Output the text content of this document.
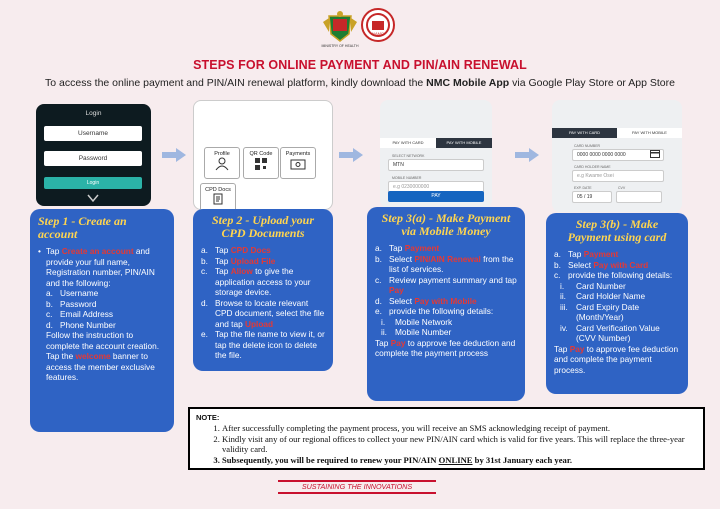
MINISTRY OF HEALTH
NAMC
STEPS FOR ONLINE PAYMENT AND PIN/AIN RENEWAL
To access the online payment and PIN/AIN renewal platform, kindly download the NMC Mobile App via Google Play Store or App Store
Login
Username
Password
Login
Profile	QR Code	Payments

CPD Docs

PAY WITH CARD	PAY WITH MOBILE
SELECT NETWORK
MTN
MOBILE NUMBER
e.g 0230000000
PAY
PAY WITH CARD	PAY WITH MOBILE
CARD NUMBER
0000 0000 0000 0000
CARD HOLDER NAME
e.g Kwame Osei
EXP. DATE
05 / 19
CVV
Step 1 - Create an account
• Tap Create an account and
provide your full name, Registration number, PIN/AIN and the following:
a. Username
b. Password
c. Email Address
d. Phone Number
Follow the instruction to complete the account creation.
Tap the welcome banner to access the member exclusive features.
Step 2 - Upload your CPD Documents
a. Tap CPD Docs
b. Tap Upload File
c. Tap Allow to give the application access to your storage device.
d. Browse to locate relevant CPD document, select the file and tap Upload
e. Tap the file name to view it, or tap the delete icon to delete the file.
Step 3(a) - Make Payment via Mobile Money
a. Tap Payment
b. Select PIN/AIN Renewal from the list of services.
c. Review payment summary and tap Pay
d. Select Pay with Mobile
e. provide the following details:
i.	Mobile Network
ii. Mobile Number
Tap Pay to approve fee deduction and complete the payment process
Step 3(b) - Make Payment using card
a. Tap Payment
b. Select Pay with Card
c. provide the following details:
i.	Card Number
ii.	Card Holder Name
iii. Card Expiry Date (Month/Year)
iv.	Card Verification Value (CVV Number)
Tap Pay to approve fee deduction and complete the payment process.
NOTE:
1. After successfully completing the payment process, you will receive an SMS acknowledging receipt of payment.
2. Kindly visit any of our regional offices to collect your new PIN/AIN card which is valid for five years. This will replace the three-year validity card.
3. Subsequently, you will be required to renew your PIN/AIN ONLINE by 31st January each year.
SUSTAINING THE INNOVATIONS
